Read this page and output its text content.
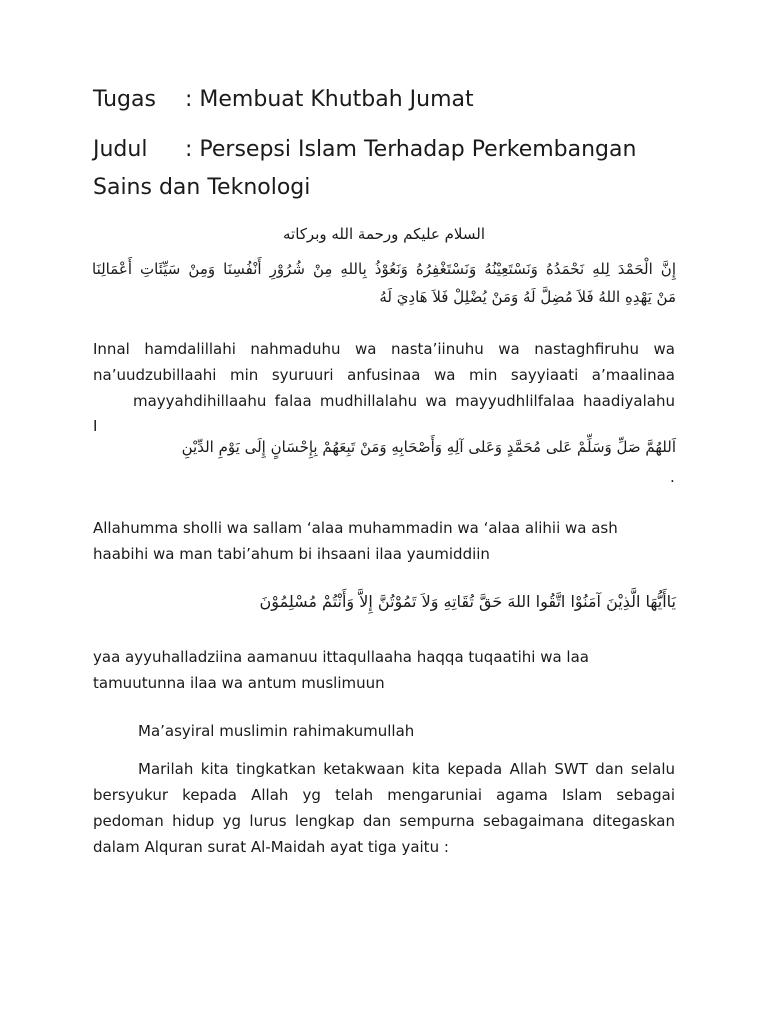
Tugas : Membuat Khutbah Jumat
Judul : Persepsi Islam Terhadap Perkembangan
Sains dan Teknologi
السلام عليكم ورحمة الله وبركاته
إِنَّ الْحَمْدَ لِلهِ نَحْمَدُهُ وَنَسْتَعِيْنُهُ وَنَسْتَغْفِرُهُ وَنَعُوْذُ بِاللهِ مِنْ شُرُوْرِ أَنْفُسِنَا وَمِنْ سَيِّئَاتِ أَعْمَالِنَا
مَنْ يَهْدِهِ اللهُ فَلاَ مُضِلَّ لَهُ وَمَنْ يُضْلِلْ فَلاَ هَادِيَ لَهُ
Innal hamdalillahi nahmaduhu wa nasta’iinuhu wa nastaghfiruhu wa
na’uudzubillaahi min syuruuri anfusinaa wa min sayyiaati a’maalinaa
mayyahdihillaahu falaa mudhillalahu wa mayyudhlilfalaa haadiyalahu
I
اَللهُمَّ صَلِّ وَسَلِّمْ عَلى مُحَمَّدٍ وَعَلى آلِهِ وَأَصْحَابِهِ وَمَنْ تَبِعَهُمْ بِإِحْسَانٍ إِلَى يَوْمِ الدِّيْنِ
.
Allahumma sholli wa sallam ‘alaa muhammadin wa ‘alaa alihii wa ash
haabihi wa man tabi’ahum bi ihsaani ilaa yaumiddiin
يَاأَيُّهَا الَّذِيْنَ آمَنُوْا اتَّقُوا اللهَ حَقَّ تُقَاتِهِ وَلاَ تَمُوْتُنَّ إِلاَّ وَأَنْتُمْ مُسْلِمُوْنَ
yaa ayyuhalladziina aamanuu ittaqullaaha haqqa tuqaatihi wa laa
tamuutunna ilaa wa antum muslimuun
Ma’asyiral muslimin rahimakumullah
Marilah kita tingkatkan ketakwaan kita kepada Allah SWT dan selalu
bersyukur kepada Allah yg telah mengaruniai agama Islam sebagai
pedoman hidup yg lurus lengkap dan sempurna sebagaimana ditegaskan
dalam Alquran surat Al-Maidah ayat tiga yaitu :
